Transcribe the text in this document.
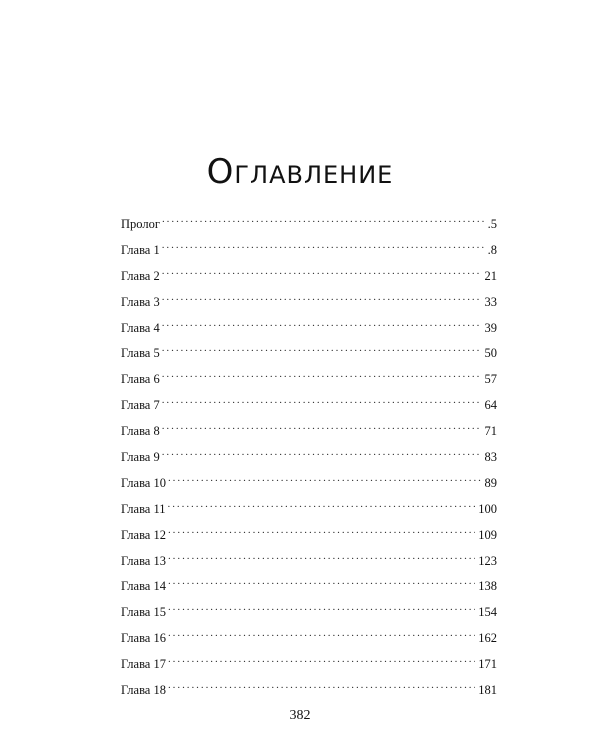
Оглавление
Пролог . . .	.5
Глава 1 . . .	.8
Глава 2 . . .	21
Глава 3 . . .	33
Глава 4 . . .	39
Глава 5 . . .	50
Глава 6 . . .	57
Глава 7 . . .	64
Глава 8 . . .	71
Глава 9 . . .	83
Глава 10 . . .	89
Глава 11 . . .	100
Глава 12 . . .	109
Глава 13 . . .	123
Глава 14 . . .	138
Глава 15 . . .	154
Глава 16 . . .	162
Глава 17 . . .	171
Глава 18 . . .	181

382
